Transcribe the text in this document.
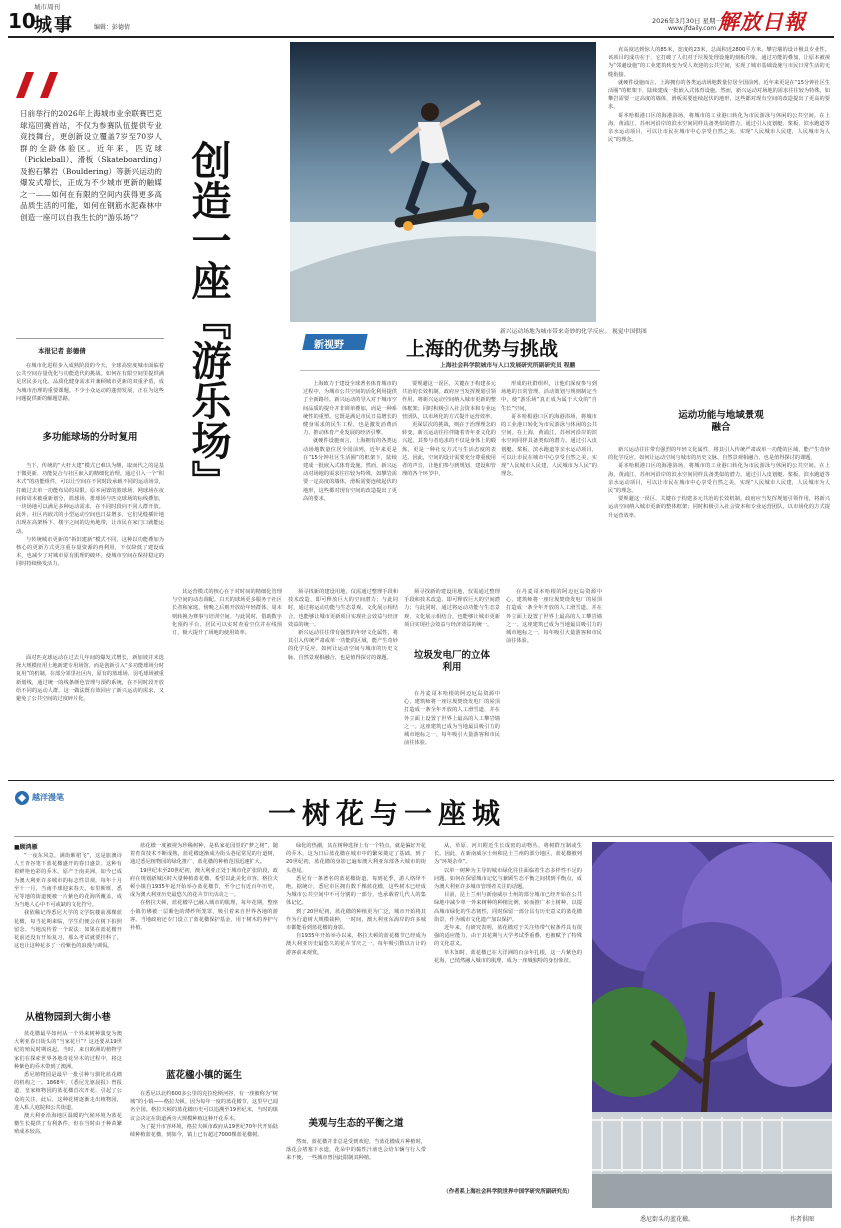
城市周刊
10
城事	编辑：彭德倩
2026年3月30日 星期一
www.jfdaily.com 解放日報
日前举行的2026年上海城市业余联赛巴克球巡回赛首站，不仅为参赛队伍提供专业竞技舞台，更创新设立覆盖7岁至70岁人群的全龄体验区。近年来，匹克球（Pickleball）、滑板（Skateboarding）及抱石攀岩（Bouldering）等新兴运动的爆发式增长，正成为不少城市更新的触媒之一——如何在有限的空间内获得更多高品质生活的可能，如何在钢筋水泥森林中创造一座可以自我生长的“游乐场”？
本报记者 彭德倩

在城市化进程步入成熟阶段的今天，全球高密度城市面临着公共空间存量优化与功能迭代的挑战。如何在有限空间里提供满足居民多元化、品质化健身需求并兼顾城市更新的双重矛盾，成为城市治理的重要课题。不少小众运动的蓬勃发展，正在为这些问题提供新的解题思路。

多功能球场的分时复用

当下，传统的“大杆大建”模式已难以为继，取而代之的是基于微更新、功能复合与社区嵌入的精细化治理。通过引入一个“积木式”的功能组件，可以让空间在不同时段承载不同的运动场景，打破过去单一功能布局的局限。原本闲置的篮球场、网球场在夜间和周末被重新划分，篮球场、排球场与匹克球场的标线叠加，一块场地可以满足多种运动需求，在不同时段向不同人群开放。此外，社区内嵌式的小型运动空间也日益增多，它们见缝插针地出现在高架桥下、楼宇之间的边角地带，让市民在家门口就能运动。

与传统城市更新的“拆旧建新”模式不同，这种以功能叠加为核心的更新方式更注重存量资源的再利用，不仅降低了建设成本，也减少了对城市原有肌理的破坏，使城市空间在保持稳定的同时持续焕发活力。

面对匹克球运动在过去几年间的爆发式增长，新加坡并未选择大规模征用土地新建专用场馆，而是创新引入“多功能球场分时复用”的机制。在部分邻里社区内，原有的篮球场、羽毛球场被重新划线，通过统一的线条颜色管理与预约系统，在不同时段开放给不同的运动人群。这一做法既有效回应了新兴运动的需求，又避免了公共空间的过度碎片化。

创造一座『游乐场』	新兴运动场地为城市带来奇妙的化学反应。 视觉中国供图
新视野	上海的优势与挑战
上海社会科学院城市与人口发展研究所副研究员 程鹏

上海致力于建设全球著名体育城市的过程中，为城市公共空间的活化利用提供了全新路径。新兴运动的导入对于城市空间品质的提升并非简单叠加，而是一种系统性的重塑。它既是满足市民日益增长的健身需求的民生工程，也是激发消费活力、推动体育产业发展的经济引擎。

就硬件设施而言，上海拥有的各类运动场地数量位居全国前列，近年来更是在“15分钟社区生活圈”的框架下，陆续建成一批嵌入式体育设施。然而，新兴运动对场地的需求往往较为特殊，如攀岩需要一定高度的墙体，滑板需要连续起伏的地形，这些都对现有空间的改造提出了更高的要求。

要规避这一误区，关键在于构建多元共治的长效机制。政府应当发挥规划引领作用，将新兴运动空间纳入城市更新的整体框架；同时积极引入社会资本和专业运营团队，以市场化的方式提升运营效率。

更深层次的挑战，则在于治理理念的转变。新兴运动往往伴随着青年亚文化的兴起，其参与者追求的不仅是身体上的锻炼，更是一种社交方式与生活态度的表达。因此，空间的设计需要充分尊重使用者的声音，让他们参与到规划、建设和管理的各个环节中。

形成的社群组织，让他们深度参与到场地的日常管理、活动策划与规则制定当中，使“游乐场”真正成为属于大众的“自生长”空间。

哥本哈根港口区的海港浴场，将城市的工业港口转化为市民游泳与休闲的公共空间。在上海，黄浦江、苏州河沿岸的滨水空间同样具备类似的潜力。通过引入皮划艇、桨板、滨水跑道等亲水运动项目，可以让市民在城市中心享受自然之美，实现“人民城市人民建，人民城市为人民”的理念。

其运营模式的核心在于对时间的精细化管理与空间的动态调配。白天的球场更多服务于社区长者和家庭，傍晚之后则开放给年轻群体，周末则转换为赛事与培训空间。与此同时，借助数字化预约平台，居民可以实时查看空位并在线预订，极大提升了场地的使用效率。

须寻找新的建设用地，仅需通过整理手段和技术改造，即可释放巨大的空间潜力；与此同时，通过将运动功能与生态景观、文化展示相结合，也能够让城市更新项目实现社会效益与经济效益的统一。

新兴运动往往带有强烈的年轻文化属性，将其引入传统严肃或单一功能的区域，能产生奇妙的化学反应。如何让运动空间与城市的历史文脉、自然景观相融合，也是值得探讨的课题。

须寻找新的建设用地，仅需通过整理手段和技术改造，即可释放巨大的空间潜力；与此同时，通过将运动功能与生态景观、文化展示相结合，也能够让城市更新项目实现社会效益与经济效益的统一。

垃圾发电厂的立体利用

在丹麦哥本哈根的阿迈厄岛资源中心，建筑师将一座垃圾焚烧发电厂的屋顶打造成一条全年开放的人工滑雪道，并在外立面上设置了世界上最高的人工攀岩墙之一。这座建筑已成为当地最具吸引力的城市地标之一，每年吸引大量游客和市民前往体验。

在丹麦哥本哈根的阿迈厄岛资源中心，建筑师将一座垃圾焚烧发电厂的屋顶打造成一条全年开放的人工滑雪道，并在外立面上设置了世界上最高的人工攀岩墙之一。这座建筑已成为当地最具吸引力的城市地标之一，每年吸引大量游客和市民前往体验。

直高度达到惊人的85米，宽度约23米，总面积近2800平方米，攀岩墙的设计极具专业性。该项目的成功在于，它打破了人们对于垃圾处理设施的刻板印象，通过功能的叠加，让原本被视为“邻避设施”的工业建筑转变为受人欢迎的公共空间，实现了城市基础设施与市民日常生活的无缝衔接。

就硬件设施而言，上海拥有的各类运动场地数量位居全国前列，近年来更是在“15分钟社区生活圈”的框架下，陆续建成一批嵌入式体育设施。然而，新兴运动对场地的需求往往较为特殊，如攀岩需要一定高度的墙体，滑板需要连续起伏的地形，这些都对现有空间的改造提出了更高的要求。

哥本哈根港口区的海港浴场，将城市的工业港口转化为市民游泳与休闲的公共空间。在上海，黄浦江、苏州河沿岸的滨水空间同样具备类似的潜力。通过引入皮划艇、桨板、滨水跑道等亲水运动项目，可以让市民在城市中心享受自然之美，实现“人民城市人民建，人民城市为人民”的理念。

运动功能与地域景观融合

新兴运动往往带有强烈的年轻文化属性，将其引入传统严肃或单一功能的区域，能产生奇妙的化学反应。如何让运动空间与城市的历史文脉、自然景观相融合，也是值得探讨的课题。

哥本哈根港口区的海港浴场，将城市的工业港口转化为市民游泳与休闲的公共空间。在上海，黄浦江、苏州河沿岸的滨水空间同样具备类似的潜力。通过引入皮划艇、桨板、滨水跑道等亲水运动项目，可以让市民在城市中心享受自然之美，实现“人民城市人民建，人民城市为人民”的理念。

要规避这一误区，关键在于构建多元共治的长效机制。政府应当发挥规划引领作用，将新兴运动空间纳入城市更新的整体框架；同时积极引入社会资本和专业运营团队，以市场化的方式提升运营效率。

越洋漫笔	一树花与一座城
■顾鸿雁

“一夜东风急，满街紫裙飞”，这是旅澳诗人王青谷笔下蓝花楹盛开的春日盛景。这种有着鲜艳色彩的乔木，原产于南美洲，如今已成为澳大利亚许多城市的标志性景观。每年十月至十一月，当南半球迎来春天，布里斯班、悉尼等地的街道便被一片紫色的花海所覆盖，成为当地人心中不可或缺的文化符号。

我依稀记得悉尼大学的文学院楼前那棵蓝花楹，每当花期来临，学生们便会在树下拍照留念。当地流传着一个说法：如果在蓝花楹开花前还没有开始复习，那么考试就要挂科了。这也让这种花多了一份紫色的浪漫与调侃。

从植物园到大街小巷

蓝花楹最早如何从一个外来树种演变为澳大利亚春日街头的“当家花旦”？这还要从19世纪的殖民时期说起。当时，来自欧洲的植物学家们在探索世界各地奇花异木的过程中，将这种紫色的乔木带到了澳洲。

悉尼植物园是最早一批引种与驯化蓝花楹的机构之一。1868年，《悉尼先驱晨报》曾报道，皇家植物园的蓝花楹首次开花，引起了公众的关注。此后，这种花树逐渐走出植物园，进入私人庭院和公共街道。

澳大利亚沿海地区温暖的气候环境为蓝花楹生长提供了有利条件，但在当时由于种苗繁殖成本较高，

蓝花楹一度被视为珍稀树种，是私家花园里的“梦之树”，随着育苗技术不断成熟，蓝花楹逐渐成为街头巷尾常见的行道树，通过悉尼植物园的绿化推广，蓝花楹的种植范围迅速扩大。

19世纪末至20世纪初，澳大利亚正处于城市化扩张阶段，政府在规划新城区时大量种植蓝花楹，希望以此美化市容。格拉夫顿小镇自1935年起开始举办蓝花楹节，至今已有近百年历史，成为澳大利亚历史最悠久的花卉节庆活动之一。

在格拉夫顿，蓝花楹早已融入城市的肌理，每年花期，整座小镇仿佛被一层紫色的薄纱所笼罩，吸引着来自世界各地的游客。当地政府还专门设立了蓝花楹保护基金，用于树木的养护与补植。

蓝花楹小镇的诞生

在悉尼以北约600多公里的克拉伦斯河谷，有一座被称为“树城”的小镇——格拉夫顿。因为每年一度的蓝花楹节，这里早已闻名全国。格拉夫顿的蓝花楹历史可以追溯至19世纪末，当时的镇议会决定在街道两旁大规模种植这种开花乔木。

为了提升市容环境，格拉夫顿市政府从19世纪70年代开始陆续种植蓝花楹，到如今，镇上已有超过7000棵蓝花楹树。

绿化的热潮，其在树种选择上有一个特点，就是偏好开花的乔木，这为日后蓝花楹在城市中的繁荣奠定了基础。到了20世纪初，蓝花楹的身影已遍布澳大利亚东部各大城市的街头巷尾。

悉尼有一条著名的蓝花楹街道，每到花季，游人络绎不绝。据统计，悉尼市区拥有数千棵蓝花楹，这些树木已经成为城市公共空间中不可分割的一部分，也承载着几代人的集体记忆。

到了20世纪初，蓝花楹的种植更为广泛，城市开始将其作为行道树大规模栽种，一时间，澳大利亚东海岸的许多城市都能看到蓝花楹的身影。

自1935年开始举办以来，格拉夫顿的蓝花楹节已经成为澳大利亚历史最悠久的花卉节庆之一，每年吸引数以万计的游客前来观赏。

美观与生态的平衡之道

然而，蓝花楹并非总是受到欢迎。当蓝花楹成片种植时，落花会堵塞下水道，花朵中的黏性汁液也会给车辆与行人带来不便，一些城市曾因此限制其种植。

从，草原、河川附近生长成密的动物丛，将树群压制或生长。因此，在新南威尔士州和昆士兰州的部分地区，蓝花楹被列为“环境杂草”。

以单一树种为主导的城市绿化往往面临着生态多样性不足的问题。如何在保留城市记忆与兼顾生态平衡之间找到平衡点，成为澳大利亚许多城市管理者关注的话题。

目前，昆士兰州与新南威尔士州的部分城市已经开始在公共绿地中减少单一外来树种的种植比例，转而推广本土树种，以提高城市绿化的生态韧性，同时保留一部分具有历史意义的蓝花楹街景，作为城市文化遗产加以保护。

近年来，有研究表明，蓝花楹对于关注热带气候条件具有很强的适应能力，由于其花期与大学考试季重叠，也被赋予了特殊的文化意义。

草木知时，蓝花楹已在大洋洲的百余年扎根，这一片紫色的花海，已悄然融入城市的肌理，成为一座城独特的身份象征。

（作者系上海社会科学院世界中国学研究所副研究员）
悉尼街头的蓝花楹。	作者供图
